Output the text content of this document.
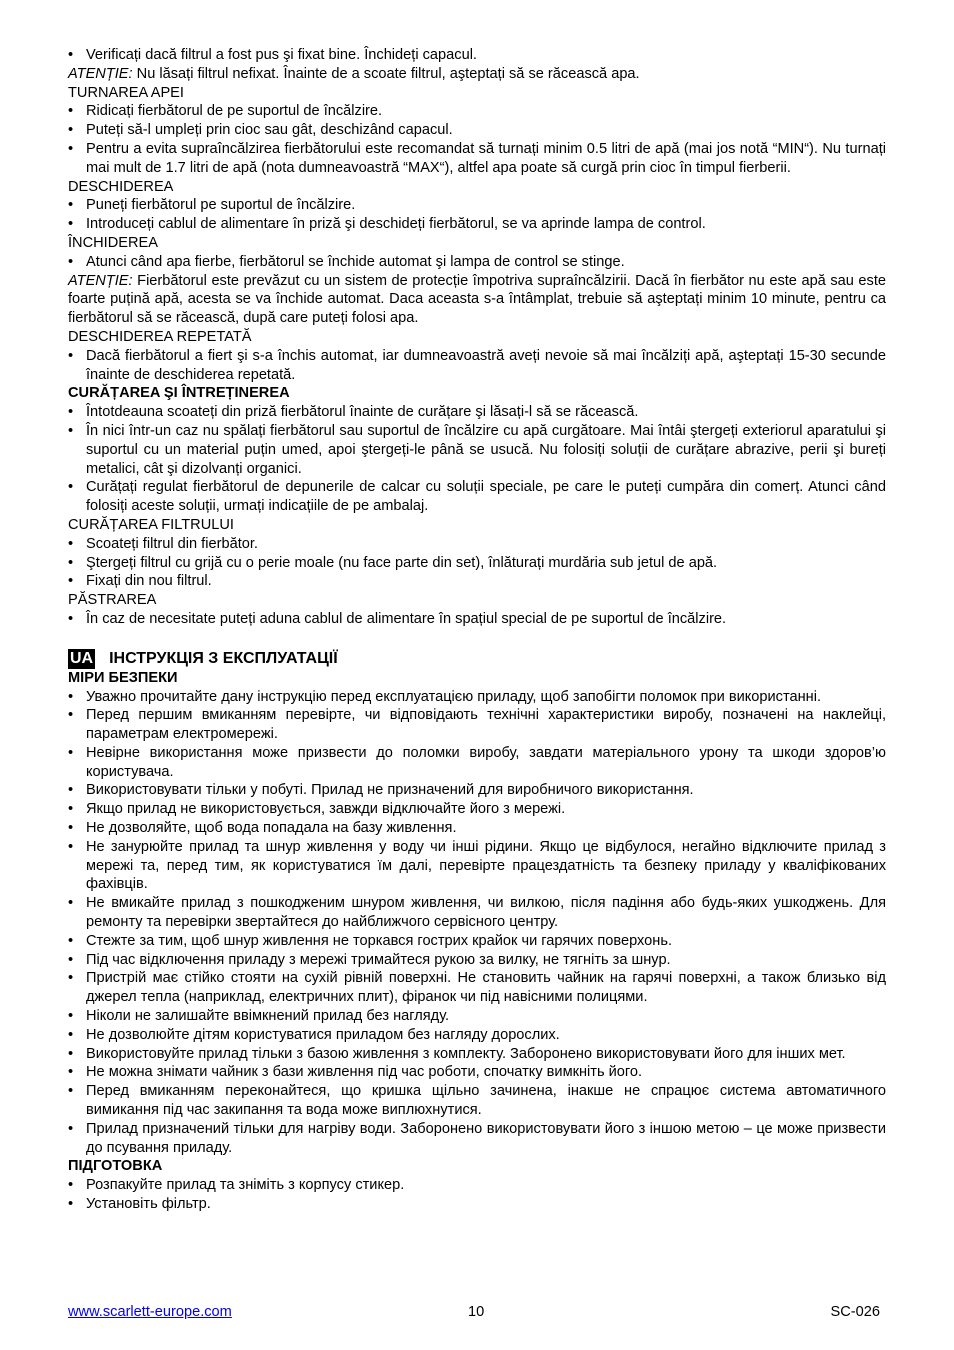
• Verificați dacă filtrul a fost pus şi fixat bine. Închideți capacul.
ATENȚIE: Nu lăsați filtrul nefixat. Înainte de a scoate filtrul, aşteptați să se răcească apa.
TURNAREA APEI
• Ridicați fierbătorul de pe suportul de încălzire.
• Puteți să-l umpleți prin cioc sau gât, deschizând capacul.
• Pentru a evita supraîncălzirea fierbătorului este recomandat să turnați minim 0.5 litri de apă (mai jos notă “MIN“). Nu turnați mai mult de 1.7 litri de apă (nota dumneavoastră “MAX“), altfel apa poate să curgă prin cioc în timpul fierberii.
DESCHIDEREA
• Puneți fierbătorul pe suportul de încălzire.
• Introduceți cablul de alimentare în priză şi deschideți fierbătorul, se va aprinde lampa de control.
ÎNCHIDEREA
• Atunci când apa fierbe, fierbătorul se închide automat şi lampa de control se stinge.
ATENȚIE: Fierbătorul este prevăzut cu un sistem de protecție împotriva supraîncălzirii. Dacă în fierbător nu este apă sau este foarte puțină apă, acesta se va închide automat. Daca aceasta s-a întâmplat, trebuie să aşteptați minim 10 minute, pentru ca fierbătorul să se răcească, după care puteți folosi apa.
DESCHIDEREA REPETATĂ
• Dacă fierbătorul a fiert şi s-a închis automat, iar dumneavoastră aveți nevoie să mai încălziți apă, aşteptați 15-30 secunde înainte de deschiderea repetată.
CURĂȚAREA ŞI ÎNTREȚINEREA
• Întotdeauna scoateți din priză fierbătorul înainte de curățare şi lăsați-l să se răcească.
• În nici într-un caz nu spălați fierbătorul sau suportul de încălzire cu apă curgătoare. Mai întâi ştergeți exteriorul aparatului şi suportul cu un material puțin umed, apoi ştergeți-le până se usucă. Nu folosiți soluții de curățare abrazive, perii şi bureți metalici, cât şi dizolvanți organici.
• Curățați regulat fierbătorul de depunerile de calcar cu soluții speciale, pe care le puteți cumpăra din comerț. Atunci când folosiți aceste soluții, urmați indicațiile de pe ambalaj.
CURĂȚAREA FILTRULUI
• Scoateți filtrul din fierbător.
• Ştergeți filtrul cu grijă cu o perie moale (nu face parte din set), înlăturați murdăria sub jetul de apă.
• Fixați din nou filtrul.
PĂSTRAREA
• În caz de necesitate puteți aduna cablul de alimentare în spațiul special de pe suportul de încălzire.
UA ІНСТРУКЦІЯ З ЕКСПЛУАТАЦІЇ
МІРИ БЕЗПЕКИ
• Уважно прочитайте дану інструкцію перед експлуатацією приладу, щоб запобігти поломок при використанні.
• Перед першим вмиканням перевірте, чи відповідають технічні характеристики виробу, позначені на наклейці, параметрам електромережі.
• Невірне використання може призвести до поломки виробу, завдати матеріального урону та шкоди здоров’ю користувача.
• Використовувати тільки у побуті. Прилад не призначений для виробничого використання.
• Якщо прилад не використовується, завжди відключайте його з мережі.
• Не дозволяйте, щоб вода попадала на базу живлення.
• Не занурюйте прилад та шнур живлення у воду чи інші рідини. Якщо це відбулося, негайно відключите прилад з мережі та, перед тим, як користуватися їм далі, перевірте працездатність та безпеку приладу у кваліфікованих фахівців.
• Не вмикайте прилад з пошкодженим шнуром живлення, чи вилкою, після падіння або будь-яких ушкоджень. Для ремонту та перевірки звертайтеся до найближчого сервісного центру.
• Стежте за тим, щоб шнур живлення не торкався гострих крайок чи гарячих поверхонь.
• Під час відключення приладу з мережі тримайтеся рукою за вилку, не тягніть за шнур.
• Пристрій має стійко стояти на сухій рівній поверхні. Не становить чайник на гарячі поверхні, а також близько від джерел тепла (наприклад, електричних плит), фіранок чи під навісними полицями.
• Ніколи не залишайте ввімкнений прилад без нагляду.
• Не дозволюйте дітям користуватися приладом без нагляду дорослих.
• Використовуйте прилад тільки з базою живлення з комплекту. Заборонено використовувати його для інших мет.
• Не можна знімати чайник з бази живлення під час роботи, спочатку вимкніть його.
• Перед вмиканням переконайтеся, що кришка щільно зачинена, інакше не спрацює система автоматичного вимикання під час закипання та вода може виплюхнутися.
• Прилад призначений тільки для нагріву води. Заборонено використовувати його з іншою метою – це може призвести до псування приладу.
ПІДГОТОВКА
• Розпакуйте прилад та зніміть з корпусу стикер.
• Установіть фільтр.
www.scarlett-europe.com	10	SC-026
